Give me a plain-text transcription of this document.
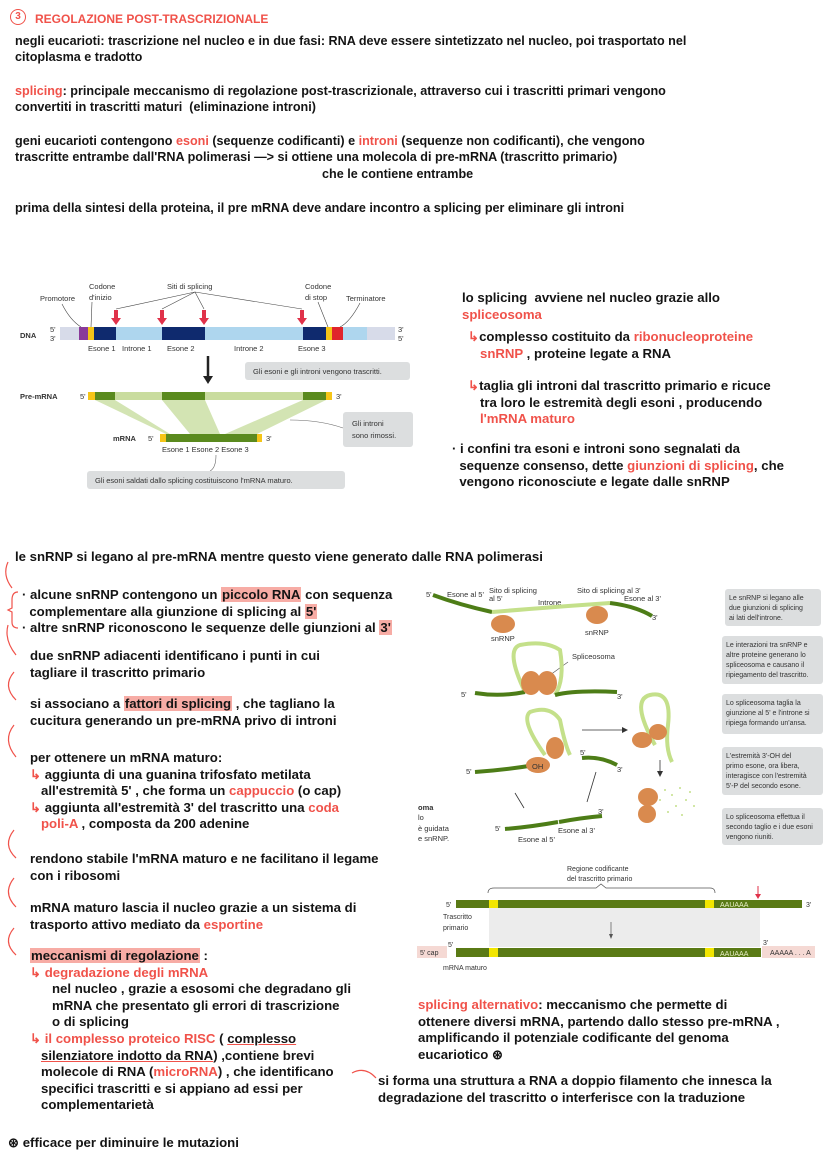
Promotore
Codone
d'inizio
Siti di splicing	Codone
di stop	Terminatore
DNA
5'
3'
3'
5'
Esone 1 Introne 1 Esone 2	Introne 2	Esone 3
Gli esoni e gli introni vengono trascritti.
Pre-mRNA	5'	3'
mRNA 5'	3'
Esone 1 Esone 2 Esone 3
Gli introni
sono rimossi.
Gli esoni saldati dallo splicing costituiscono l'mRNA maturo.
5' Esone al 5' Sito di splicing
al 5'	Introne
Sito di splicing al 3'
Esone al 3'
3'
snRNP
snRNP
Spliceosoma
5'	3'
OH
5'
5'
3'
5'
3'
Esone al 5'
Esone al 3'
oma
lo
è guidata
e snRNP.
Le snRNP si legano alle
due giunzioni di splicing
ai lati dell'introne.
Le interazioni tra snRNP e
altre proteine generano lo
spliceosoma e causano il
ripiegamento del trascritto.
Lo spliceosoma taglia la
giunzione al 5' e l'introne si
ripiega formando un'ansa.
L'estremità 3'-OH del
primo esone, ora libera,
interagisce con l'estremità
5'-P del secondo esone.
Lo spliceosoma effettua il
secondo taglio e i due esoni
vengono riuniti.
Regione codificante
del trascritto primario
AAUAAA
5'	3'
Trascritto
primario
5' cap
5'
AAUAAA
3'
AAAAA . . . A
mRNA maturo
3	REGOLAZIONE POST-TRASCRIZIONALE
negli eucarioti: trascrizione nel nucleo e in due fasi: RNA deve essere sintetizzato nel nucleo, poi trasportato nel
citoplasma e tradotto
splicing: principale meccanismo di regolazione post-trascrizionale, attraverso cui i trascritti primari vengono
convertiti in trascritti maturi  (eliminazione introni)
geni eucarioti contengono esoni (sequenze codificanti) e introni (sequenze non codificanti), che vengono
trascritte entrambe dall'RNA polimerasi —> si ottiene una molecola di pre-mRNA (trascritto primario)
che le contiene entrambe
prima della sintesi della proteina, il pre mRNA deve andare incontro a splicing per eliminare gli introni
lo splicing  avviene nel nucleo grazie allo
spliceosoma
↳complesso costituito da ribonucleoproteine
snRNP , proteine legate a RNA
↳taglia gli introni dal trascritto primario e ricuce
tra loro le estremità degli esoni , producendo
l'mRNA maturo
· i confini tra esoni e introni sono segnalati da
sequenze consenso, dette giunzioni di splicing, che
vengono riconosciute e legate dalle snRNP
le snRNP si legano al pre-mRNA mentre questo viene generato dalle RNA polimerasi
· alcune snRNP contengono un piccolo RNA con sequenza
complementare alla giunzione di splicing al 5'
· altre snRNP riconoscono le sequenze delle giunzioni al 3'
due snRNP adiacenti identificano i punti in cui
tagliare il trascritto primario
si associano a fattori di splicing , che tagliano la
cucitura generando un pre-mRNA privo di introni
per ottenere un mRNA maturo:
↳ aggiunta di una guanina trifosfato metilata
all'estremità 5' , che forma un cappuccio (o cap)
↳ aggiunta all'estremità 3' del trascritto una coda
poli-A , composta da 200 adenine
rendono stabile l'mRNA maturo e ne facilitano il legame
con i ribosomi
mRNA maturo lascia il nucleo grazie a un sistema di
trasporto attivo mediato da esportine
meccanismi di regolazione :
↳ degradazione degli mRNA
nel nucleo , grazie a esosomi che degradano gli
mRNA che presentato gli errori di trascrizione
o di splicing
↳ il complesso proteico RISC ( complesso
silenziatore indotto da RNA) ,contiene brevi
molecole di RNA (microRNA) , che identificano
specifici trascritti e si appiano ad essi per
complementarietà
splicing alternativo: meccanismo che permette di
ottenere diversi mRNA, partendo dallo stesso pre-mRNA ,
amplificando il potenziale codificante del genoma
eucariotico ⊛
si forma una struttura a RNA a doppio filamento che innesca la
degradazione del trascritto o interferisce con la traduzione
⊛ efficace per diminuire le mutazioni
